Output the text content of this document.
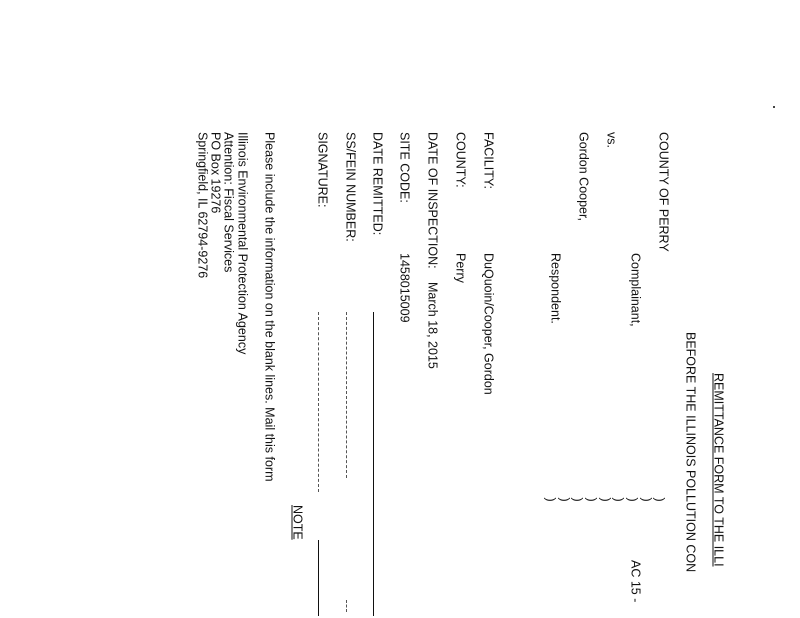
REMITTANCE FORM TO THE ILLI
BEFORE THE ILLINOIS POLLUTION CON
COUNTY OF PERRY
Complainant,
AC 15 -
vs.
Gordon Cooper,
Respondent.
)
)
)
)
)
)
)
)
)
FACILITY:
COUNTY:
DATE OF INSPECTION:
SITE CODE:
DATE REMITTED:
SS/FEIN NUMBER:
SIGNATURE:
DuQuoin/Cooper, Gordon
Perry
March 18, 2015
1458015009
NOTE
Please include the information on the blank lines. Mail this form
Illinois Environmental Protection Agency
Attention: Fiscal Services
PO Box 19276
Springfield, IL 62794-9276
